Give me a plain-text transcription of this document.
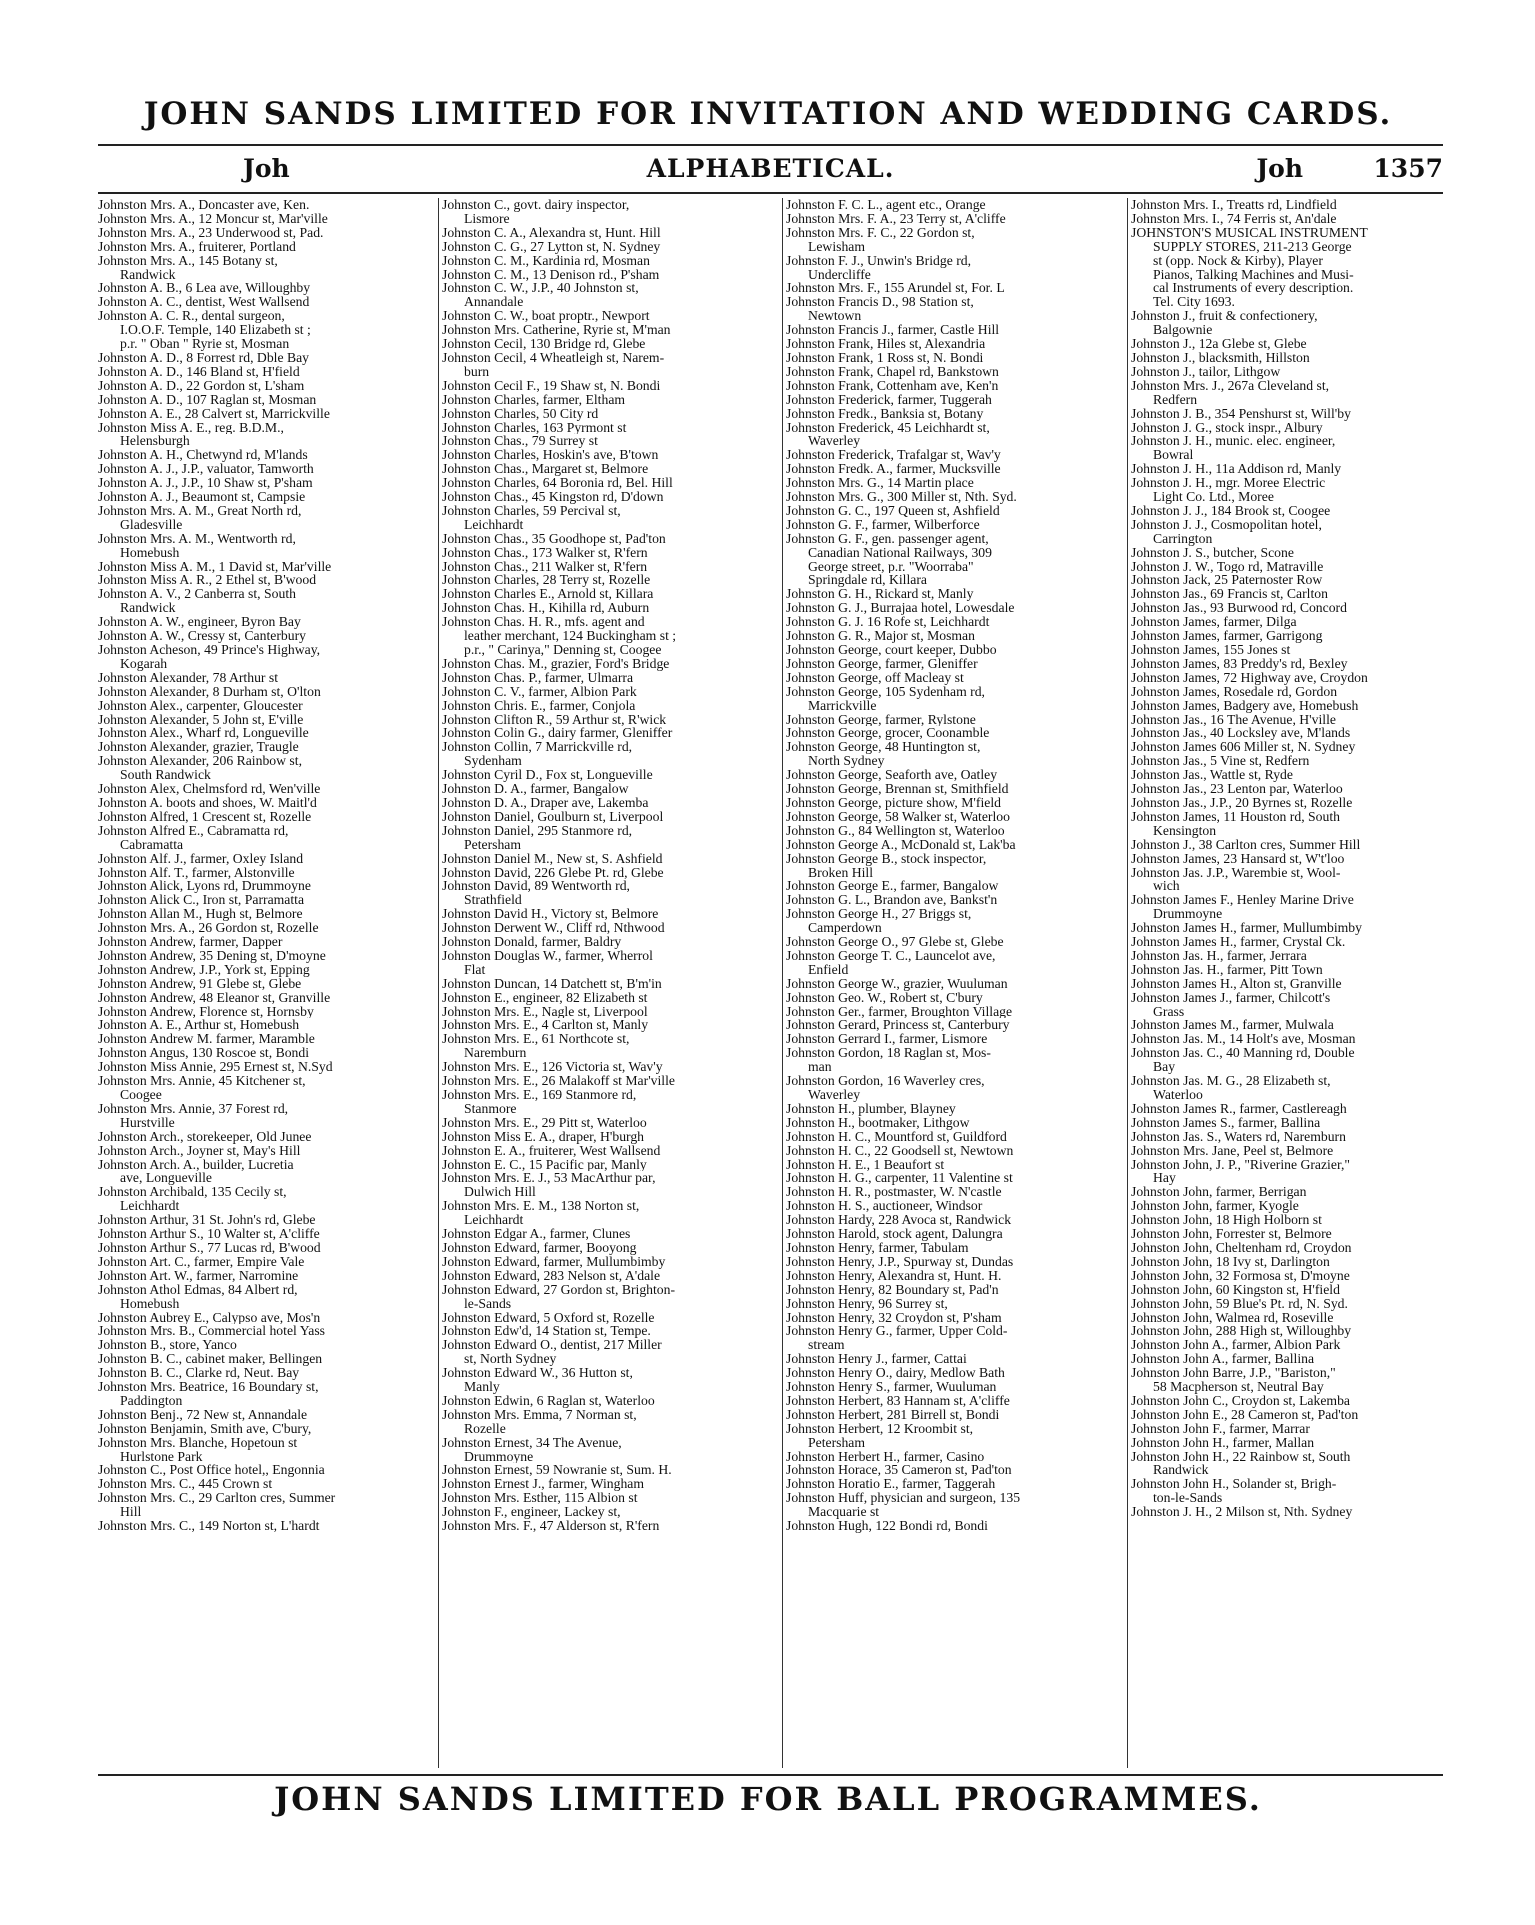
JOHN SANDS LIMITED FOR INVITATION AND WEDDING CARDS.
Joh	ALPHABETICAL.	Joh	1357
Johnston Mrs. A., Doncaster ave, Ken.
Johnston Mrs. A., 12 Moncur st, Mar'ville
Johnston Mrs. A., 23 Underwood st, Pad.
Johnston Mrs. A., fruiterer, Portland
Johnston Mrs. A., 145 Botany st,
Randwick
Johnston A. B., 6 Lea ave, Willoughby
Johnston A. C., dentist, West Wallsend
Johnston A. C. R., dental surgeon,
I.O.O.F. Temple, 140 Elizabeth st ;
p.r. " Oban " Ryrie st, Mosman
Johnston A. D., 8 Forrest rd, Dble Bay
Johnston A. D., 146 Bland st, H'field
Johnston A. D., 22 Gordon st, L'sham
Johnston A. D., 107 Raglan st, Mosman
Johnston A. E., 28 Calvert st, Marrickville
Johnston Miss A. E., reg. B.D.M.,
Helensburgh
Johnston A. H., Chetwynd rd, M'lands
Johnston A. J., J.P., valuator, Tamworth
Johnston A. J., J.P., 10 Shaw st, P'sham
Johnston A. J., Beaumont st, Campsie
Johnston Mrs. A. M., Great North rd,
Gladesville
Johnston Mrs. A. M., Wentworth rd,
Homebush
Johnston Miss A. M., 1 David st, Mar'ville
Johnston Miss A. R., 2 Ethel st, B'wood
Johnston A. V., 2 Canberra st, South
Randwick
Johnston A. W., engineer, Byron Bay
Johnston A. W., Cressy st, Canterbury
Johnston Acheson, 49 Prince's Highway,
Kogarah
Johnston Alexander, 78 Arthur st
Johnston Alexander, 8 Durham st, O'lton
Johnston Alex., carpenter, Gloucester
Johnston Alexander, 5 John st, E'ville
Johnston Alex., Wharf rd, Longueville
Johnston Alexander, grazier, Traugle
Johnston Alexander, 206 Rainbow st,
South Randwick
Johnston Alex, Chelmsford rd, Wen'ville
Johnston A. boots and shoes, W. Maitl'd
Johnston Alfred, 1 Crescent st, Rozelle
Johnston Alfred E., Cabramatta rd,
Cabramatta
Johnston Alf. J., farmer, Oxley Island
Johnston Alf. T., farmer, Alstonville
Johnston Alick, Lyons rd, Drummoyne
Johnston Alick C., Iron st, Parramatta
Johnston Allan M., Hugh st, Belmore
Johnston Mrs. A., 26 Gordon st, Rozelle
Johnston Andrew, farmer, Dapper
Johnston Andrew, 35 Dening st, D'moyne
Johnston Andrew, J.P., York st, Epping
Johnston Andrew, 91 Glebe st, Glebe
Johnston Andrew, 48 Eleanor st, Granville
Johnston Andrew, Florence st, Hornsby
Johnston A. E., Arthur st, Homebush
Johnston Andrew M. farmer, Maramble
Johnston Angus, 130 Roscoe st, Bondi
Johnston Miss Annie, 295 Ernest st, N.Syd
Johnston Mrs. Annie, 45 Kitchener st,
Coogee
Johnston Mrs. Annie, 37 Forest rd,
Hurstville
Johnston Arch., storekeeper, Old Junee
Johnston Arch., Joyner st, May's Hill
Johnston Arch. A., builder, Lucretia
ave, Longueville
Johnston Archibald, 135 Cecily st,
Leichhardt
Johnston Arthur, 31 St. John's rd, Glebe
Johnston Arthur S., 10 Walter st, A'cliffe
Johnston Arthur S., 77 Lucas rd, B'wood
Johnston Art. C., farmer, Empire Vale
Johnston Art. W., farmer, Narromine
Johnston Athol Edmas, 84 Albert rd,
Homebush
Johnston Aubrey E., Calypso ave, Mos'n
Johnston Mrs. B., Commercial hotel Yass
Johnston B., store, Yanco
Johnston B. C., cabinet maker, Bellingen
Johnston B. C., Clarke rd, Neut. Bay
Johnston Mrs. Beatrice, 16 Boundary st,
Paddington
Johnston Benj., 72 New st, Annandale
Johnston Benjamin, Smith ave, C'bury,
Johnston Mrs. Blanche, Hopetoun st
Hurlstone Park
Johnston C., Post Office hotel,, Engonnia
Johnston Mrs. C., 445 Crown st
Johnston Mrs. C., 29 Carlton cres, Summer
Hill
Johnston Mrs. C., 149 Norton st, L'hardt
Johnston C., govt. dairy inspector,
Lismore
Johnston C. A., Alexandra st, Hunt. Hill
Johnston C. G., 27 Lytton st, N. Sydney
Johnston C. M., Kardinia rd, Mosman
Johnston C. M., 13 Denison rd., P'sham
Johnston C. W., J.P., 40 Johnston st,
Annandale
Johnston C. W., boat proptr., Newport
Johnston Mrs. Catherine, Ryrie st, M'man
Johnston Cecil, 130 Bridge rd, Glebe
Johnston Cecil, 4 Wheatleigh st, Narem-
burn
Johnston Cecil F., 19 Shaw st, N. Bondi
Johnston Charles, farmer, Eltham
Johnston Charles, 50 City rd
Johnston Charles, 163 Pyrmont st
Johnston Chas., 79 Surrey st
Johnston Charles, Hoskin's ave, B'town
Johnston Chas., Margaret st, Belmore
Johnston Charles, 64 Boronia rd, Bel. Hill
Johnston Chas., 45 Kingston rd, D'down
Johnston Charles, 59 Percival st,
Leichhardt
Johnston Chas., 35 Goodhope st, Pad'ton
Johnston Chas., 173 Walker st, R'fern
Johnston Chas., 211 Walker st, R'fern
Johnston Charles, 28 Terry st, Rozelle
Johnston Charles E., Arnold st, Killara
Johnston Chas. H., Kihilla rd, Auburn
Johnston Chas. H. R., mfs. agent and
leather merchant, 124 Buckingham st ;
p.r., " Carinya," Denning st, Coogee
Johnston Chas. M., grazier, Ford's Bridge
Johnston Chas. P., farmer, Ulmarra
Johnston C. V., farmer, Albion Park
Johnston Chris. E., farmer, Conjola
Johnston Clifton R., 59 Arthur st, R'wick
Johnston Colin G., dairy farmer, Gleniffer
Johnston Collin, 7 Marrickville rd,
Sydenham
Johnston Cyril D., Fox st, Longueville
Johnston D. A., farmer, Bangalow
Johnston D. A., Draper ave, Lakemba
Johnston Daniel, Goulburn st, Liverpool
Johnston Daniel, 295 Stanmore rd,
Petersham
Johnston Daniel M., New st, S. Ashfield
Johnston David, 226 Glebe Pt. rd, Glebe
Johnston David, 89 Wentworth rd,
Strathfield
Johnston David H., Victory st, Belmore
Johnston Derwent W., Cliff rd, Nthwood
Johnston Donald, farmer, Baldry
Johnston Douglas W., farmer, Wherrol
Flat
Johnston Duncan, 14 Datchett st, B'm'in
Johnston E., engineer, 82 Elizabeth st
Johnston Mrs. E., Nagle st, Liverpool
Johnston Mrs. E., 4 Carlton st, Manly
Johnston Mrs. E., 61 Northcote st,
Naremburn
Johnston Mrs. E., 126 Victoria st, Wav'y
Johnston Mrs. E., 26 Malakoff st Mar'ville
Johnston Mrs. E., 169 Stanmore rd,
Stanmore
Johnston Mrs. E., 29 Pitt st, Waterloo
Johnston Miss E. A., draper, H'burgh
Johnston E. A., fruiterer, West Wallsend
Johnston E. C., 15 Pacific par, Manly
Johnston Mrs. E. J., 53 MacArthur par,
Dulwich Hill
Johnston Mrs. E. M., 138 Norton st,
Leichhardt
Johnston Edgar A., farmer, Clunes
Johnston Edward, farmer, Booyong
Johnston Edward, farmer, Mullumbimby
Johnston Edward, 283 Nelson st, A'dale
Johnston Edward, 27 Gordon st, Brighton-
le-Sands
Johnston Edward, 5 Oxford st, Rozelle
Johnston Edw'd, 14 Station st, Tempe.
Johnston Edward O., dentist, 217 Miller
st, North Sydney
Johnston Edward W., 36 Hutton st,
Manly
Johnston Edwin, 6 Raglan st, Waterloo
Johnston Mrs. Emma, 7 Norman st,
Rozelle
Johnston Ernest, 34 The Avenue,
Drummoyne
Johnston Ernest, 59 Nowranie st, Sum. H.
Johnston Ernest J., farmer, Wingham
Johnston Mrs. Esther, 115 Albion st
Johnston F., engineer, Lackey st,
Johnston Mrs. F., 47 Alderson st, R'fern
Johnston F. C. L., agent etc., Orange
Johnston Mrs. F. A., 23 Terry st, A'cliffe
Johnston Mrs. F. C., 22 Gordon st,
Lewisham
Johnston F. J., Unwin's Bridge rd,
Undercliffe
Johnston Mrs. F., 155 Arundel st, For. L
Johnston Francis D., 98 Station st,
Newtown
Johnston Francis J., farmer, Castle Hill
Johnston Frank, Hiles st, Alexandria
Johnston Frank, 1 Ross st, N. Bondi
Johnston Frank, Chapel rd, Bankstown
Johnston Frank, Cottenham ave, Ken'n
Johnston Frederick, farmer, Tuggerah
Johnston Fredk., Banksia st, Botany
Johnston Frederick, 45 Leichhardt st,
Waverley
Johnston Frederick, Trafalgar st, Wav'y
Johnston Fredk. A., farmer, Mucksville
Johnston Mrs. G., 14 Martin place
Johnston Mrs. G., 300 Miller st, Nth. Syd.
Johnston G. C., 197 Queen st, Ashfield
Johnston G. F., farmer, Wilberforce
Johnston G. F., gen. passenger agent,
Canadian National Railways, 309
George street, p.r. "Woorraba"
Springdale rd, Killara
Johnston G. H., Rickard st, Manly
Johnston G. J., Burrajaa hotel, Lowesdale
Johnston G. J. 16 Rofe st, Leichhardt
Johnston G. R., Major st, Mosman
Johnston George, court keeper, Dubbo
Johnston George, farmer, Gleniffer
Johnston George, off Macleay st
Johnston George, 105 Sydenham rd,
Marrickville
Johnston George, farmer, Rylstone
Johnston George, grocer, Coonamble
Johnston George, 48 Huntington st,
North Sydney
Johnston George, Seaforth ave, Oatley
Johnston George, Brennan st, Smithfield
Johnston George, picture show, M'field
Johnston George, 58 Walker st, Waterloo
Johnston G., 84 Wellington st, Waterloo
Johnston George A., McDonald st, Lak'ba
Johnston George B., stock inspector,
Broken Hill
Johnston George E., farmer, Bangalow
Johnston G. L., Brandon ave, Bankst'n
Johnston George H., 27 Briggs st,
Camperdown
Johnston George O., 97 Glebe st, Glebe
Johnston George T. C., Launcelot ave,
Enfield
Johnston George W., grazier, Wuuluman
Johnston Geo. W., Robert st, C'bury
Johnston Ger., farmer, Broughton Village
Johnston Gerard, Princess st, Canterbury
Johnston Gerrard I., farmer, Lismore
Johnston Gordon, 18 Raglan st, Mos-
man
Johnston Gordon, 16 Waverley cres,
Waverley
Johnston H., plumber, Blayney
Johnston H., bootmaker, Lithgow
Johnston H. C., Mountford st, Guildford
Johnston H. C., 22 Goodsell st, Newtown
Johnston H. E., 1 Beaufort st
Johnston H. G., carpenter, 11 Valentine st
Johnston H. R., postmaster, W. N'castle
Johnston H. S., auctioneer, Windsor
Johnston Hardy, 228 Avoca st, Randwick
Johnston Harold, stock agent, Dalungra
Johnston Henry, farmer, Tabulam
Johnston Henry, J.P., Spurway st, Dundas
Johnston Henry, Alexandra st, Hunt. H.
Johnston Henry, 82 Boundary st, Pad'n
Johnston Henry, 96 Surrey st,
Johnston Henry, 32 Croydon st, P'sham
Johnston Henry G., farmer, Upper Cold-
stream
Johnston Henry J., farmer, Cattai
Johnston Henry O., dairy, Medlow Bath
Johnston Henry S., farmer, Wuuluman
Johnston Herbert, 83 Hannam st, A'cliffe
Johnston Herbert, 281 Birrell st, Bondi
Johnston Herbert, 12 Kroombit st,
Petersham
Johnston Herbert H., farmer, Casino
Johnston Horace, 35 Cameron st, Pad'ton
Johnston Horatio E., farmer, Taggerah
Johnston Huff, physician and surgeon, 135
Macquarie st
Johnston Hugh, 122 Bondi rd, Bondi
Johnston Mrs. I., Treatts rd, Lindfield
Johnston Mrs. I., 74 Ferris st, An'dale
JOHNSTON'S MUSICAL INSTRUMENT
SUPPLY STORES, 211-213 George
st (opp. Nock & Kirby), Player
Pianos, Talking Machines and Musi-
cal Instruments of every description.
Tel. City 1693.
Johnston J., fruit & confectionery,
Balgownie
Johnston J., 12a Glebe st, Glebe
Johnston J., blacksmith, Hillston
Johnston J., tailor, Lithgow
Johnston Mrs. J., 267a Cleveland st,
Redfern
Johnston J. B., 354 Penshurst st, Will'by
Johnston J. G., stock inspr., Albury
Johnston J. H., munic. elec. engineer,
Bowral
Johnston J. H., 11a Addison rd, Manly
Johnston J. H., mgr. Moree Electric
Light Co. Ltd., Moree
Johnston J. J., 184 Brook st, Coogee
Johnston J. J., Cosmopolitan hotel,
Carrington
Johnston J. S., butcher, Scone
Johnston J. W., Togo rd, Matraville
Johnston Jack, 25 Paternoster Row
Johnston Jas., 69 Francis st, Carlton
Johnston Jas., 93 Burwood rd, Concord
Johnston James, farmer, Dilga
Johnston James, farmer, Garrigong
Johnston James, 155 Jones st
Johnston James, 83 Preddy's rd, Bexley
Johnston James, 72 Highway ave, Croydon
Johnston James, Rosedale rd, Gordon
Johnston James, Badgery ave, Homebush
Johnston Jas., 16 The Avenue, H'ville
Johnston Jas., 40 Locksley ave, M'lands
Johnston James 606 Miller st, N. Sydney
Johnston Jas., 5 Vine st, Redfern
Johnston Jas., Wattle st, Ryde
Johnston Jas., 23 Lenton par, Waterloo
Johnston Jas., J.P., 20 Byrnes st, Rozelle
Johnston James, 11 Houston rd, South
Kensington
Johnston J., 38 Carlton cres, Summer Hill
Johnston James, 23 Hansard st, W't'loo
Johnston Jas. J.P., Warembie st, Wool-
wich
Johnston James F., Henley Marine Drive
Drummoyne
Johnston James H., farmer, Mullumbimby
Johnston James H., farmer, Crystal Ck.
Johnston Jas. H., farmer, Jerrara
Johnston Jas. H., farmer, Pitt Town
Johnston James H., Alton st, Granville
Johnston James J., farmer, Chilcott's
Grass
Johnston James M., farmer, Mulwala
Johnston Jas. M., 14 Holt's ave, Mosman
Johnston Jas. C., 40 Manning rd, Double
Bay
Johnston Jas. M. G., 28 Elizabeth st,
Waterloo
Johnston James R., farmer, Castlereagh
Johnston James S., farmer, Ballina
Johnston Jas. S., Waters rd, Naremburn
Johnston Mrs. Jane, Peel st, Belmore
Johnston John, J. P., "Riverine Grazier,"
Hay
Johnston John, farmer, Berrigan
Johnston John, farmer, Kyogle
Johnston John, 18 High Holborn st
Johnston John, Forrester st, Belmore
Johnston John, Cheltenham rd, Croydon
Johnston John, 18 Ivy st, Darlington
Johnston John, 32 Formosa st, D'moyne
Johnston John, 60 Kingston st, H'field
Johnston John, 59 Blue's Pt. rd, N. Syd.
Johnston John, Walmea rd, Roseville
Johnston John, 288 High st, Willoughby
Johnston John A., farmer, Albion Park
Johnston John A., farmer, Ballina
Johnston John Barre, J.P., "Bariston,"
58 Macpherson st, Neutral Bay
Johnston John C., Croydon st, Lakemba
Johnston John E., 28 Cameron st, Pad'ton
Johnston John F., farmer, Marrar
Johnston John H., farmer, Mallan
Johnston John H., 22 Rainbow st, South
Randwick
Johnston John H., Solander st, Brigh-
ton-le-Sands
Johnston J. H., 2 Milson st, Nth. Sydney
JOHN SANDS LIMITED FOR BALL PROGRAMMES.
